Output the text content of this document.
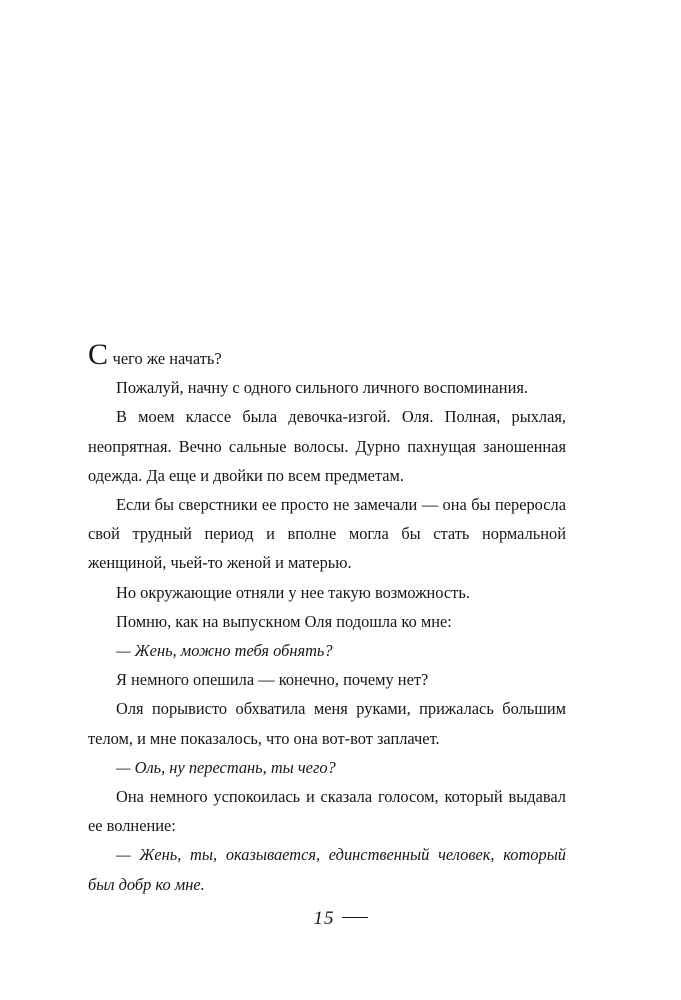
С чего же начать?

Пожалуй, начну с одного сильного личного воспоминания.

В моем классе была девочка-изгой. Оля. Полная, рыхлая, неопрятная. Вечно сальные волосы. Дурно пахнущая заношенная одежда. Да еще и двойки по всем предметам.

Если бы сверстники ее просто не замечали — она бы переросла свой трудный период и вполне могла бы стать нормальной женщиной, чьей-то женой и матерью.

Но окружающие отняли у нее такую возможность.

Помню, как на выпускном Оля подошла ко мне:

— Жень, можно тебя обнять?

Я немного опешила — конечно, почему нет?

Оля порывисто обхватила меня руками, прижалась большим телом, и мне показалось, что она вот-вот заплачет.

— Оль, ну перестань, ты чего?

Она немного успокоилась и сказала голосом, который выдавал ее волнение:

— Жень, ты, оказывается, единственный человек, который был добр ко мне.

15
